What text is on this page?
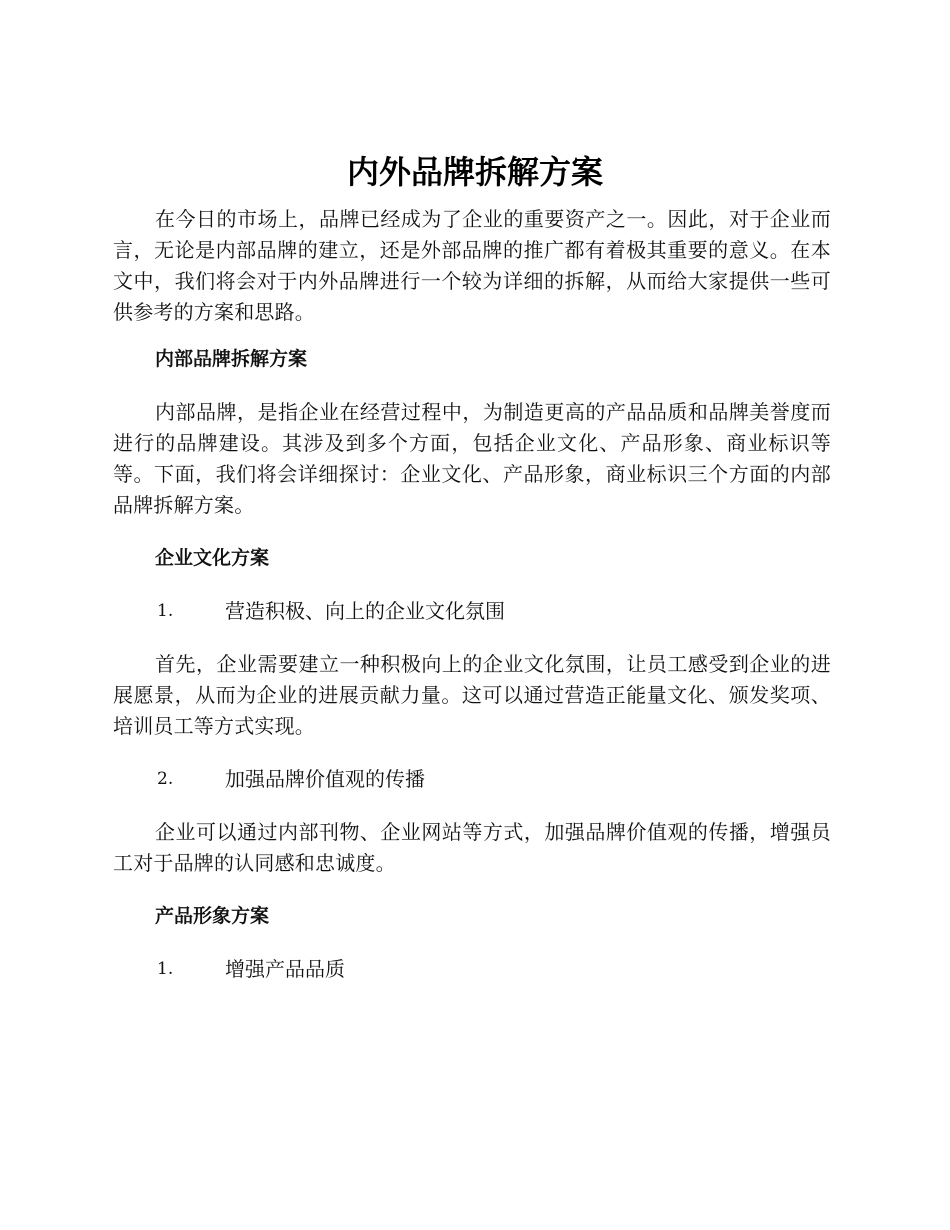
内外品牌拆解方案

在今日的市场上，品牌已经成为了企业的重要资产之一。因此，对于企业而言，无论是内部品牌的建立，还是外部品牌的推广都有着极其重要的意义。在本文中，我们将会对于内外品牌进行一个较为详细的拆解，从而给大家提供一些可供参考的方案和思路。

内部品牌拆解方案

内部品牌，是指企业在经营过程中，为制造更高的产品品质和品牌美誉度而进行的品牌建设。其涉及到多个方面，包括企业文化、产品形象、商业标识等等。下面，我们将会详细探讨：企业文化、产品形象，商业标识三个方面的内部品牌拆解方案。

企业文化方案

1.	营造积极、向上的企业文化氛围

首先，企业需要建立一种积极向上的企业文化氛围，让员工感受到企业的进展愿景，从而为企业的进展贡献力量。这可以通过营造正能量文化、颁发奖项、培训员工等方式实现。

2.	加强品牌价值观的传播

企业可以通过内部刊物、企业网站等方式，加强品牌价值观的传播，增强员工对于品牌的认同感和忠诚度。

产品形象方案

1.	增强产品品质
